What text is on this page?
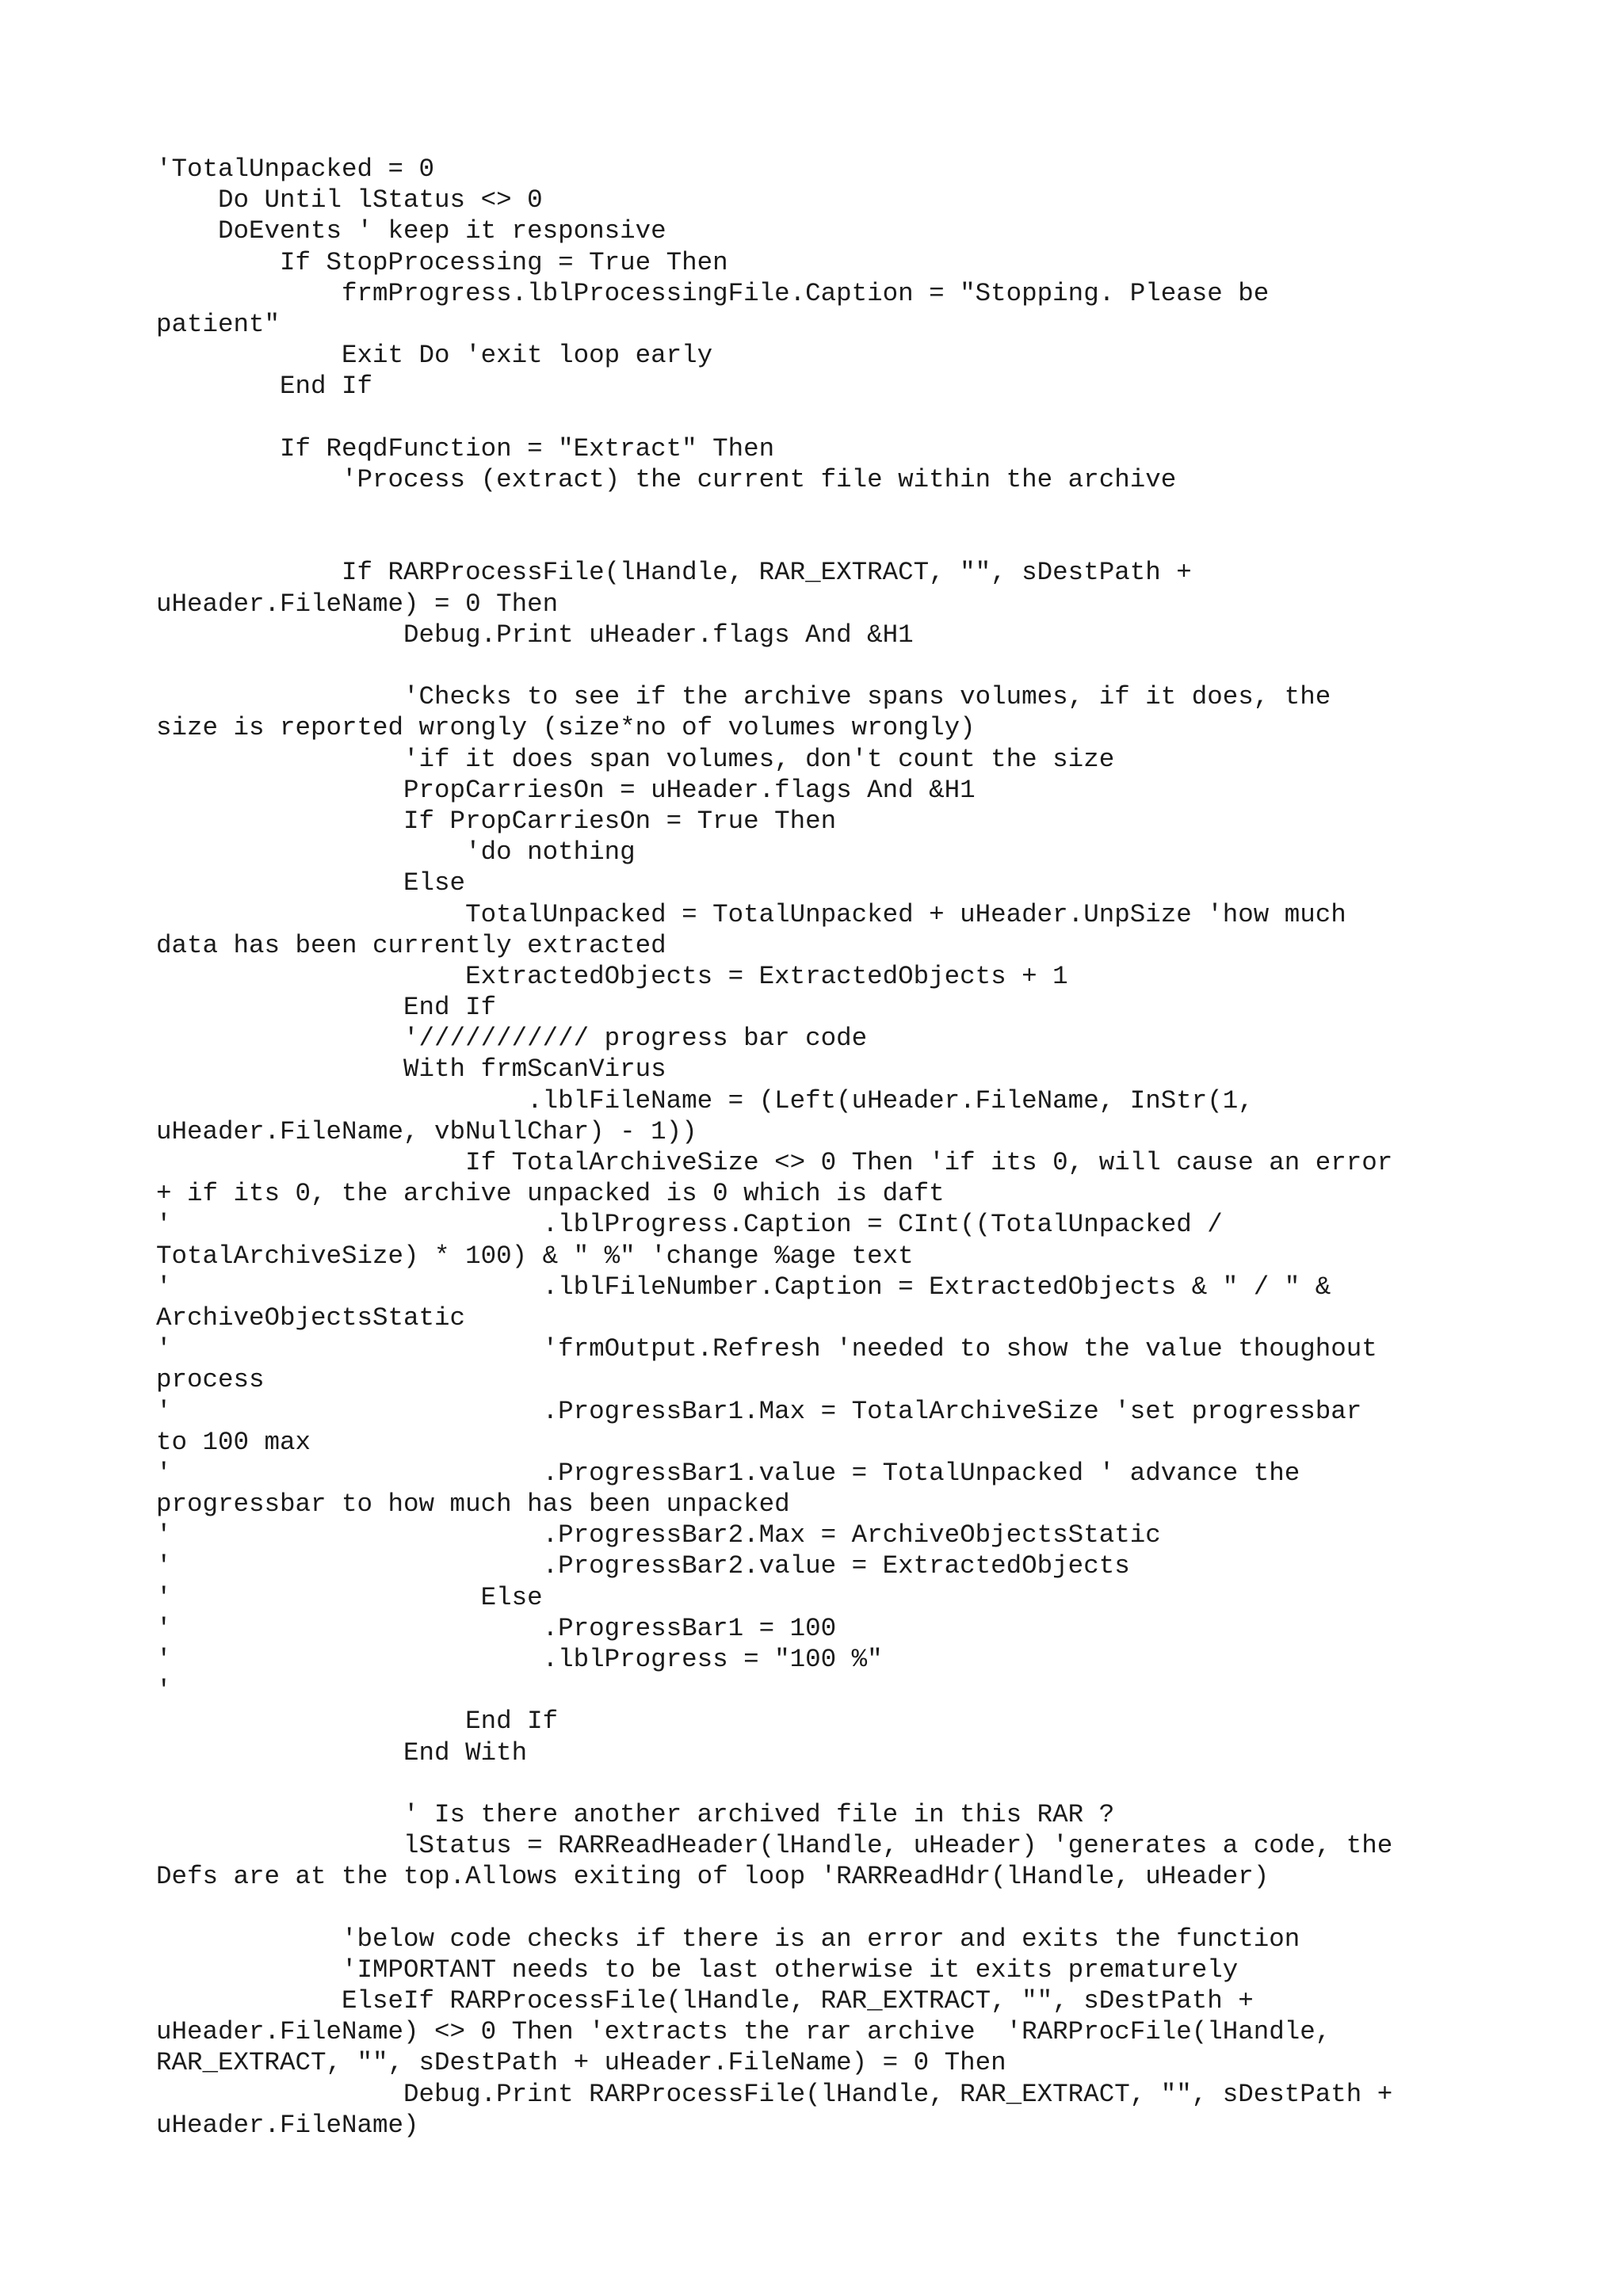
'TotalUnpacked = 0
Do Until lStatus <> 0
DoEvents ' keep it responsive
If StopProcessing = True Then
frmProgress.lblProcessingFile.Caption = "Stopping. Please be
patient"
Exit Do 'exit loop early
End If
If ReqdFunction = "Extract" Then
'Process (extract) the current file within the archive
If RARProcessFile(lHandle, RAR_EXTRACT, "", sDestPath +
uHeader.FileName) = 0 Then
Debug.Print uHeader.flags And &H1
'Checks to see if the archive spans volumes, if it does, the
size is reported wrongly (size*no of volumes wrongly)
'if it does span volumes, don't count the size
PropCarriesOn = uHeader.flags And &H1
If PropCarriesOn = True Then
'do nothing
Else
TotalUnpacked = TotalUnpacked + uHeader.UnpSize 'how much
data has been currently extracted
ExtractedObjects = ExtractedObjects + 1
End If
'/////////// progress bar code
With frmScanVirus
.lblFileName = (Left(uHeader.FileName, InStr(1,
uHeader.FileName, vbNullChar) - 1))
If TotalArchiveSize <> 0 Then 'if its 0, will cause an error
+ if its 0, the archive unpacked is 0 which is daft
'                        .lblProgress.Caption = CInt((TotalUnpacked /
TotalArchiveSize) * 100) & " %" 'change %age text
'                        .lblFileNumber.Caption = ExtractedObjects & " / " &
ArchiveObjectsStatic
'                        'frmOutput.Refresh 'needed to show the value thoughout
process
'                        .ProgressBar1.Max = TotalArchiveSize 'set progressbar
to 100 max
'                        .ProgressBar1.value = TotalUnpacked ' advance the
progressbar to how much has been unpacked
'                        .ProgressBar2.Max = ArchiveObjectsStatic
'                        .ProgressBar2.value = ExtractedObjects
'                    Else
'                        .ProgressBar1 = 100
'                        .lblProgress = "100 %"
'
End If
End With
' Is there another archived file in this RAR ?
lStatus = RARReadHeader(lHandle, uHeader) 'generates a code, the
Defs are at the top.Allows exiting of loop 'RARReadHdr(lHandle, uHeader)
'below code checks if there is an error and exits the function
'IMPORTANT needs to be last otherwise it exits prematurely
ElseIf RARProcessFile(lHandle, RAR_EXTRACT, "", sDestPath +
uHeader.FileName) <> 0 Then 'extracts the rar archive  'RARProcFile(lHandle,
RAR_EXTRACT, "", sDestPath + uHeader.FileName) = 0 Then
Debug.Print RARProcessFile(lHandle, RAR_EXTRACT, "", sDestPath +
uHeader.FileName)
